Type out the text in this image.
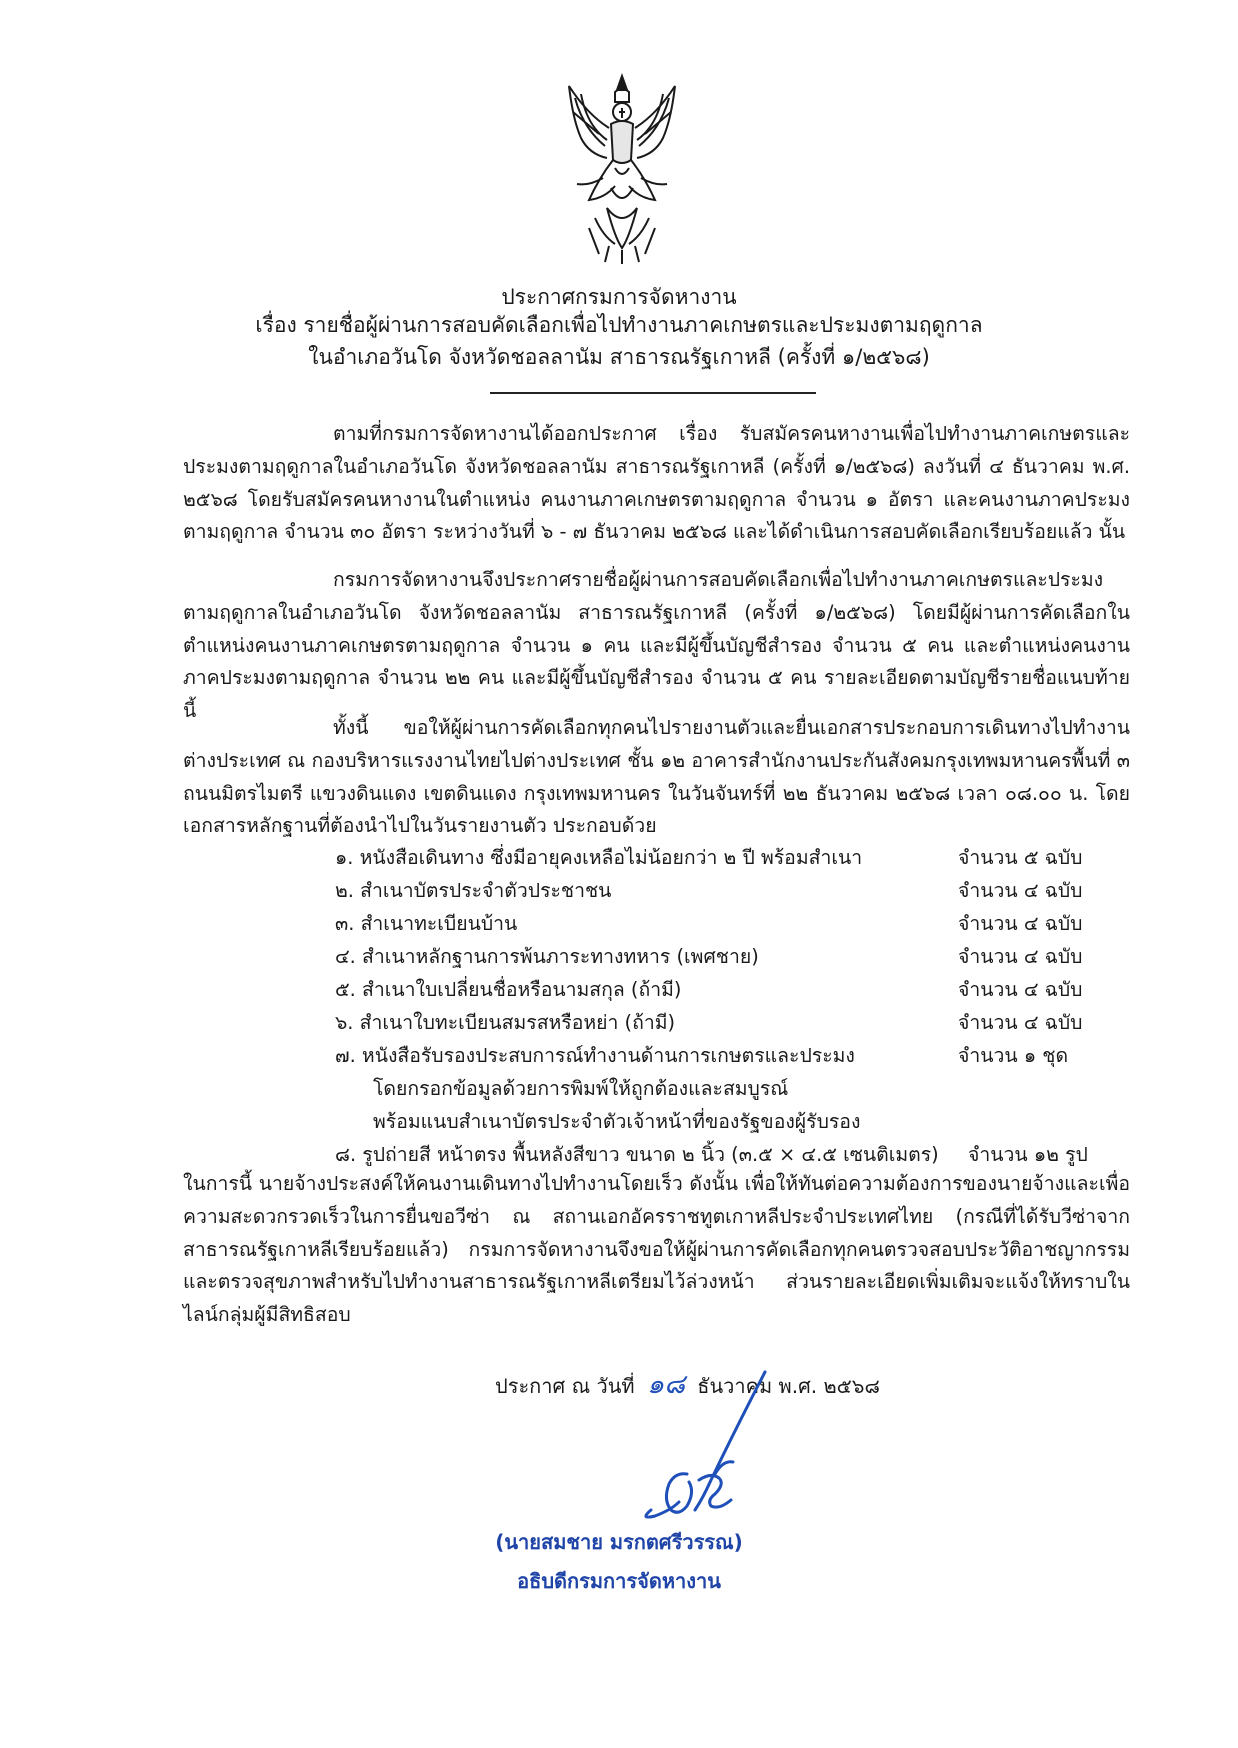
ประกาศกรมการจัดหางาน
เรื่อง รายชื่อผู้ผ่านการสอบคัดเลือกเพื่อไปทำงานภาคเกษตรและประมงตามฤดูกาล
ในอำเภอวันโด จังหวัดชอลลานัม สาธารณรัฐเกาหลี (ครั้งที่ ๑/๒๕๖๘)

ตามที่กรมการจัดหางานได้ออกประกาศ เรื่อง รับสมัครคนหางานเพื่อไปทำงานภาคเกษตรและประมงตามฤดูกาลในอำเภอวันโด จังหวัดชอลลานัม สาธารณรัฐเกาหลี (ครั้งที่ ๑/๒๕๖๘) ลงวันที่ ๔ ธันวาคม พ.ศ. ๒๕๖๘ โดยรับสมัครคนหางานในตำแหน่ง คนงานภาคเกษตรตามฤดูกาล จำนวน ๑ อัตรา และคนงานภาคประมงตามฤดูกาล จำนวน ๓๐ อัตรา ระหว่างวันที่ ๖ - ๗ ธันวาคม ๒๕๖๘ และได้ดำเนินการสอบคัดเลือกเรียบร้อยแล้ว นั้น

กรมการจัดหางานจึงประกาศรายชื่อผู้ผ่านการสอบคัดเลือกเพื่อไปทำงานภาคเกษตรและประมงตามฤดูกาลในอำเภอวันโด จังหวัดชอลลานัม สาธารณรัฐเกาหลี (ครั้งที่ ๑/๒๕๖๘) โดยมีผู้ผ่านการคัดเลือกในตำแหน่งคนงานภาคเกษตรตามฤดูกาล จำนวน ๑ คน และมีผู้ขึ้นบัญชีสำรอง จำนวน ๕ คน และตำแหน่งคนงานภาคประมงตามฤดูกาล จำนวน ๒๒ คน และมีผู้ขึ้นบัญชีสำรอง จำนวน ๕ คน รายละเอียดตามบัญชีรายชื่อแนบท้ายนี้

ทั้งนี้ ขอให้ผู้ผ่านการคัดเลือกทุกคนไปรายงานตัวและยื่นเอกสารประกอบการเดินทางไปทำงานต่างประเทศ ณ กองบริหารแรงงานไทยไปต่างประเทศ ชั้น ๑๒ อาคารสำนักงานประกันสังคมกรุงเทพมหานครพื้นที่ ๓ ถนนมิตรไมตรี แขวงดินแดง เขตดินแดง กรุงเทพมหานคร ในวันจันทร์ที่ ๒๒ ธันวาคม ๒๕๖๘ เวลา ๐๘.๐๐ น. โดยเอกสารหลักฐานที่ต้องนำไปในวันรายงานตัว ประกอบด้วย

๑. หนังสือเดินทาง ซึ่งมีอายุคงเหลือไม่น้อยกว่า ๒ ปี พร้อมสำเนา	จำนวน ๕ ฉบับ
๒. สำเนาบัตรประจำตัวประชาชน	จำนวน ๔ ฉบับ
๓. สำเนาทะเบียนบ้าน	จำนวน ๔ ฉบับ
๔. สำเนาหลักฐานการพ้นภาระทางทหาร (เพศชาย)	จำนวน ๔ ฉบับ
๕. สำเนาใบเปลี่ยนชื่อหรือนามสกุล (ถ้ามี)	จำนวน ๔ ฉบับ
๖. สำเนาใบทะเบียนสมรสหรือหย่า (ถ้ามี)	จำนวน ๔ ฉบับ
๗. หนังสือรับรองประสบการณ์ทำงานด้านการเกษตรและประมง	จำนวน ๑ ชุด
โดยกรอกข้อมูลด้วยการพิมพ์ให้ถูกต้องและสมบูรณ์
พร้อมแนบสำเนาบัตรประจำตัวเจ้าหน้าที่ของรัฐของผู้รับรอง
๘. รูปถ่ายสี หน้าตรง พื้นหลังสีขาว ขนาด ๒ นิ้ว (๓.๕ × ๔.๕ เซนติเมตร) จำนวน ๑๒ รูป

ในการนี้ นายจ้างประสงค์ให้คนงานเดินทางไปทำงานโดยเร็ว ดังนั้น เพื่อให้ทันต่อความต้องการของนายจ้างและเพื่อความสะดวกรวดเร็วในการยื่นขอวีซ่า ณ สถานเอกอัครราชทูตเกาหลีประจำประเทศไทย (กรณีที่ได้รับวีซ่าจากสาธารณรัฐเกาหลีเรียบร้อยแล้ว) กรมการจัดหางานจึงขอให้ผู้ผ่านการคัดเลือกทุกคนตรวจสอบประวัติอาชญากรรม และตรวจสุขภาพสำหรับไปทำงานสาธารณรัฐเกาหลีเตรียมไว้ล่วงหน้า ส่วนรายละเอียดเพิ่มเติมจะแจ้งให้ทราบในไลน์กลุ่มผู้มีสิทธิสอบ

ประกาศ ณ วันที่ ๑๘ ธันวาคม พ.ศ. ๒๕๖๘
(นายสมชาย มรกตศรีวรรณ)
อธิบดีกรมการจัดหางาน
